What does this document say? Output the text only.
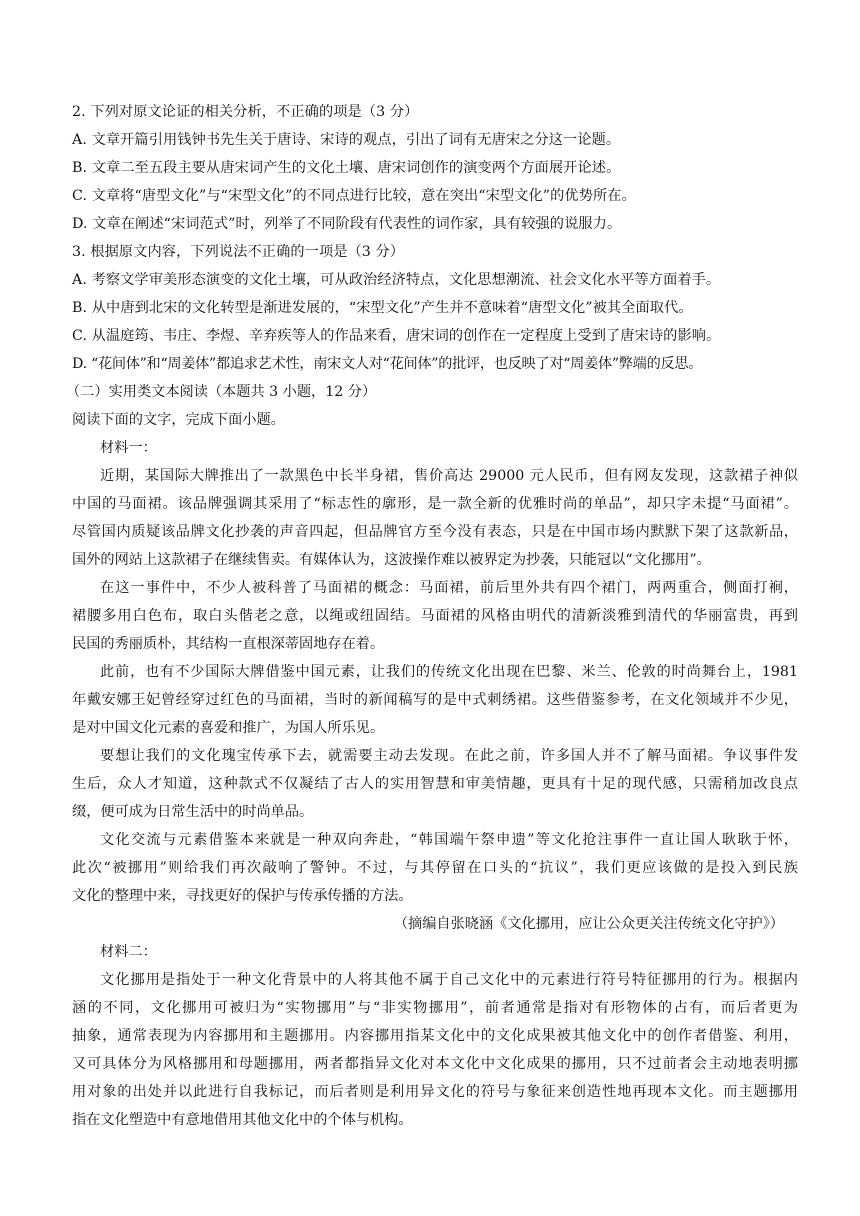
2. 下列对原文论证的相关分析，不正确的项是（3 分）
A. 文章开篇引用钱钟书先生关于唐诗、宋诗的观点，引出了词有无唐宋之分这一论题。
B. 文章二至五段主要从唐宋词产生的文化土壤、唐宋词创作的演变两个方面展开论述。
C. 文章将“唐型文化”与“宋型文化”的不同点进行比较，意在突出“宋型文化”的优势所在。
D. 文章在阐述“宋词范式”时，列举了不同阶段有代表性的词作家，具有较强的说服力。
3. 根据原文内容，下列说法不正确的一项是（3 分）
A. 考察文学审美形态演变的文化土壤，可从政治经济特点，文化思想潮流、社会文化水平等方面着手。
B. 从中唐到北宋的文化转型是渐进发展的，“宋型文化”产生并不意味着“唐型文化”被其全面取代。
C. 从温庭筠、韦庄、李煜、辛弃疾等人的作品来看，唐宋词的创作在一定程度上受到了唐宋诗的影响。
D. “花间体”和“周姜体”都追求艺术性，南宋文人对“花间体”的批评，也反映了对“周姜体”弊端的反思。
（二）实用类文本阅读（本题共 3 小题，12 分）
阅读下面的文字，完成下面小题。
材料一：
近期，某国际大牌推出了一款黑色中长半身裙，售价高达 29000 元人民币，但有网友发现，这款裙子神似
中国的马面裙。该品牌强调其采用了“标志性的廓形，是一款全新的优雅时尚的单品”，却只字未提“马面裙”。
尽管国内质疑该品牌文化抄袭的声音四起，但品牌官方至今没有表态，只是在中国市场内默默下架了这款新品，
国外的网站上这款裙子在继续售卖。有媒体认为，这波操作难以被界定为抄袭，只能冠以“文化挪用”。
在这一事件中，不少人被科普了马面裙的概念：马面裙，前后里外共有四个裙门，两两重合，侧面打裥，
裙腰多用白色布，取白头偕老之意，以绳或纽固结。马面裙的风格由明代的清新淡雅到清代的华丽富贵，再到
民国的秀丽质朴，其结构一直根深蒂固地存在着。
此前，也有不少国际大牌借鉴中国元素，让我们的传统文化出现在巴黎、米兰、伦敦的时尚舞台上，1981
年戴安娜王妃曾经穿过红色的马面裙，当时的新闻稿写的是中式刺绣裙。这些借鉴参考，在文化领域并不少见，
是对中国文化元素的喜爱和推广，为国人所乐见。
要想让我们的文化瑰宝传承下去，就需要主动去发现。在此之前，许多国人并不了解马面裙。争议事件发
生后，众人才知道，这种款式不仅凝结了古人的实用智慧和审美情趣，更具有十足的现代感，只需稍加改良点
缀，便可成为日常生活中的时尚单品。
文化交流与元素借鉴本来就是一种双向奔赴，“韩国端午祭申遗”等文化抢注事件一直让国人耿耿于怀，
此次“被挪用”则给我们再次敲响了警钟。不过，与其停留在口头的“抗议”，我们更应该做的是投入到民族
文化的整理中来，寻找更好的保护与传承传播的方法。
（摘编自张晓涵《文化挪用，应让公众更关注传统文化守护》）
材料二：
文化挪用是指处于一种文化背景中的人将其他不属于自己文化中的元素进行符号特征挪用的行为。根据内
涵的不同，文化挪用可被归为“实物挪用”与“非实物挪用”，前者通常是指对有形物体的占有，而后者更为
抽象，通常表现为内容挪用和主题挪用。内容挪用指某文化中的文化成果被其他文化中的创作者借鉴、利用，
又可具体分为风格挪用和母题挪用，两者都指异文化对本文化中文化成果的挪用，只不过前者会主动地表明挪
用对象的出处并以此进行自我标记，而后者则是利用异文化的符号与象征来创造性地再现本文化。而主题挪用
指在文化塑造中有意地借用其他文化中的个体与机构。
